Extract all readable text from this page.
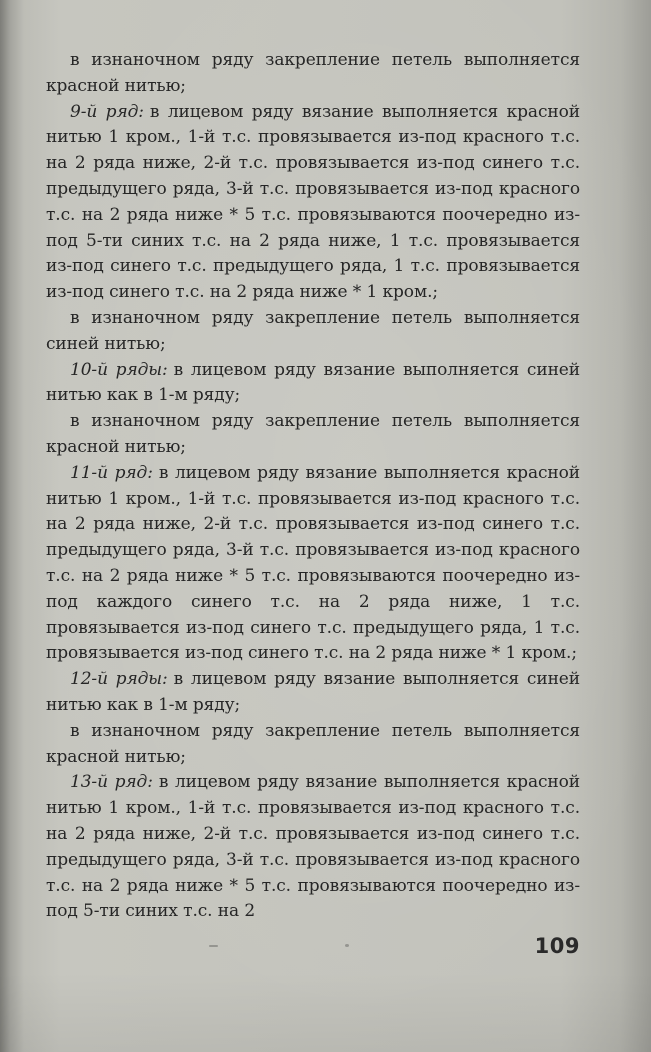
в изнаночном ряду закрепление петель выполняется красной нитью;

9-й ряд: в лицевом ряду вязание выполняется красной нитью 1 кром., 1-й т.с. провязывается из-под красного т.с. на 2 ряда ниже, 2-й т.с. провязывается из-под синего т.с. предыдущего ряда, 3-й т.с. провязывается из-под красного т.с. на 2 ряда ниже * 5 т.с. провязываются поочередно из-под 5-ти синих т.с. на 2 ряда ниже, 1 т.с. провязывается из-под синего т.с. предыдущего ряда, 1 т.с. провязывается из-под синего т.с. на 2 ряда ниже * 1 кром.;

в изнаночном ряду закрепление петель выполняется синей нитью;

10-й ряды: в лицевом ряду вязание выполняется синей нитью как в 1-м ряду;

в изнаночном ряду закрепление петель выполняется красной нитью;

11-й ряд: в лицевом ряду вязание выполняется красной нитью 1 кром., 1-й т.с. провязывается из-под красного т.с. на 2 ряда ниже, 2-й т.с. провязывается из-под синего т.с. предыдущего ряда, 3-й т.с. провязывается из-под красного т.с. на 2 ряда ниже * 5 т.с. провязываются поочередно из-под каждого синего т.с. на 2 ряда ниже, 1 т.с. провязывается из-под синего т.с. предыдущего ряда, 1 т.с. провязывается из-под синего т.с. на 2 ряда ниже * 1 кром.;

12-й ряды: в лицевом ряду вязание выполняется синей нитью как в 1-м ряду;

в изнаночном ряду закрепление петель выполняется красной нитью;

13-й ряд: в лицевом ряду вязание выполняется красной нитью 1 кром., 1-й т.с. провязывается из-под красного т.с. на 2 ряда ниже, 2-й т.с. провязывается из-под синего т.с. предыдущего ряда, 3-й т.с. провязывается из-под красного т.с. на 2 ряда ниже * 5 т.с. провязываются поочередно из-под 5-ти синих т.с. на 2

109
